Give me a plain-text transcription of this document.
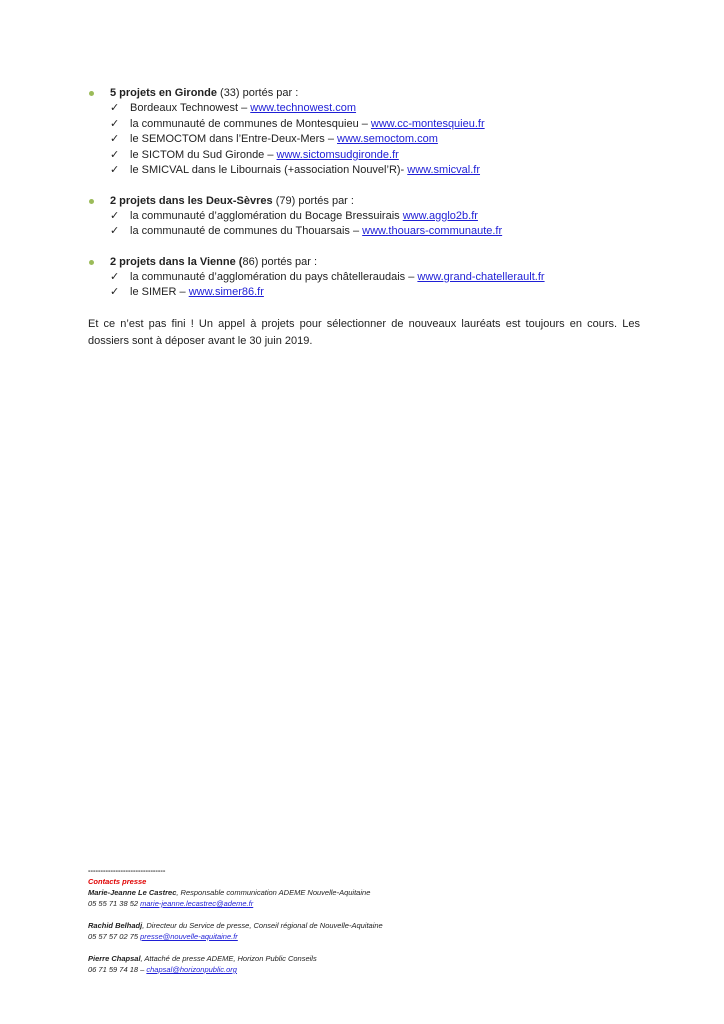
5 projets en Gironde (33) portés par :
✓ Bordeaux Technowest – www.technowest.com
✓ la communauté de communes de Montesquieu – www.cc-montesquieu.fr
✓ le SEMOCTOM dans l’Entre-Deux-Mers – www.semoctom.com
✓ le SICTOM du Sud Gironde – www.sictomsudgironde.fr
✓ le SMICVAL dans le Libournais (+association Nouvel’R)- www.smicval.fr
2 projets dans les Deux-Sèvres (79) portés par :
✓ la communauté d’agglomération du Bocage Bressuirais www.agglo2b.fr
✓ la communauté de communes du Thouarsais – www.thouars-communaute.fr
2 projets dans la Vienne (86) portés par :
✓ la communauté d’agglomération du pays châtelleraudais – www.grand-chatellerault.fr
✓ le SIMER – www.simer86.fr

Et ce n’est pas fini ! Un appel à projets pour sélectionner de nouveaux lauréats est toujours en cours. Les dossiers sont à déposer avant le 30 juin 2019.

-------------------------------
Contacts presse
Marie-Jeanne Le Castrec, Responsable communication ADEME Nouvelle-Aquitaine
05 55 71 38 52 marie-jeanne.lecastrec@ademe.fr
Rachid Belhadj, Directeur du Service de presse, Conseil régional de Nouvelle-Aquitaine
05 57 57 02 75 presse@nouvelle-aquitaine.fr
Pierre Chapsal, Attaché de presse ADEME, Horizon Public Conseils
06 71 59 74 18 – chapsal@horizonpublic.org
